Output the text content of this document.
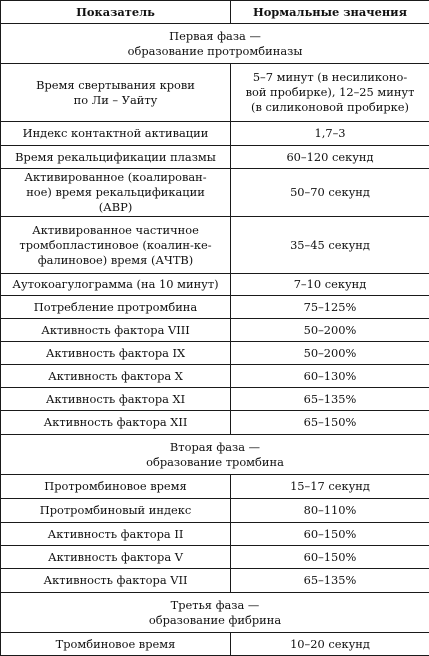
Показатель	Нормальные значения

Первая фаза —
образование протромбиназы	

Время свертывания крови
по Ли – Уайту	5–7 минут (в несиликоно-
вой пробирке), 12–25 минут
(в силиконовой пробирке)

Индекс контактной активации	1,7–3

Время рекальцификации плазмы	60–120 секунд

Активированное (коалирован-
ное) время рекальцификации
(АВР)	50–70 секунд

Активированное частичное
тромбопластиновое (коалин-ке-
фалиновое) время (АЧТВ)	35–45 секунд

Аутокоагулограмма (на 10 минут)	7–10 секунд

Потребление протромбина	75–125%

Активность фактора VIII	50–200%

Активность фактора IX	50–200%

Активность фактора X	60–130%

Активность фактора XI	65–135%

Активность фактора XII	65–150%

Вторая фаза —
образование тромбина	

Протромбиновое время	15–17 секунд

Протромбиновый индекс	80–110%

Активность фактора II	60–150%

Активность фактора V	60–150%

Активность фактора VII	65–135%

Третья фаза —
образование фибрина	

Тромбиновое время	10–20 секунд
